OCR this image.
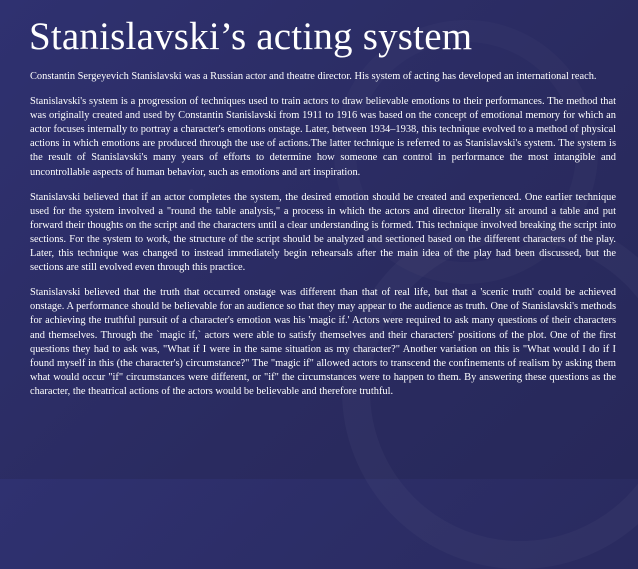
Stanislavski’s acting system

Constantin Sergeyevich Stanislavski was a Russian actor and theatre director. His system of acting has developed an international reach.

Stanislavski's system is a progression of techniques used to train actors to draw believable emotions to their performances. The method that was originally created and used by Constantin Stanislavski from 1911 to 1916 was based on the concept of emotional memory for which an actor focuses internally to portray a character's emotions onstage. Later, between 1934–1938, this technique evolved to a method of physical actions in which emotions are produced through the use of actions.The latter technique is referred to as Stanislavski's system. The system is the result of Stanislavski's many years of efforts to determine how someone can control in performance the most intangible and uncontrollable aspects of human behavior, such as emotions and art inspiration.

Stanislavski believed that if an actor completes the system, the desired emotion should be created and experienced. One earlier technique used for the system involved a "round the table analysis," a process in which the actors and director literally sit around a table and put forward their thoughts on the script and the characters until a clear understanding is formed. This technique involved breaking the script into sections. For the system to work, the structure of the script should be analyzed and sectioned based on the different characters of the play. Later, this technique was changed to instead immediately begin rehearsals after the main idea of the play had been discussed, but the sections are still evolved even through this practice.

Stanislavski believed that the truth that occurred onstage was different than that of real life, but that a 'scenic truth' could be achieved onstage. A performance should be believable for an audience so that they may appear to the audience as truth. One of Stanislavski's methods for achieving the truthful pursuit of a character's emotion was his 'magic if.' Actors were required to ask many questions of their characters and themselves. Through the `magic if,` actors were able to satisfy themselves and their characters' positions of the plot. One of the first questions they had to ask was, "What if I were in the same situation as my character?" Another variation on this is "What would I do if I found myself in this (the character's) circumstance?" The "magic if" allowed actors to transcend the confinements of realism by asking them what would occur "if" circumstances were different, or "if" the circumstances were to happen to them. By answering these questions as the character, the theatrical actions of the actors would be believable and therefore truthful.
